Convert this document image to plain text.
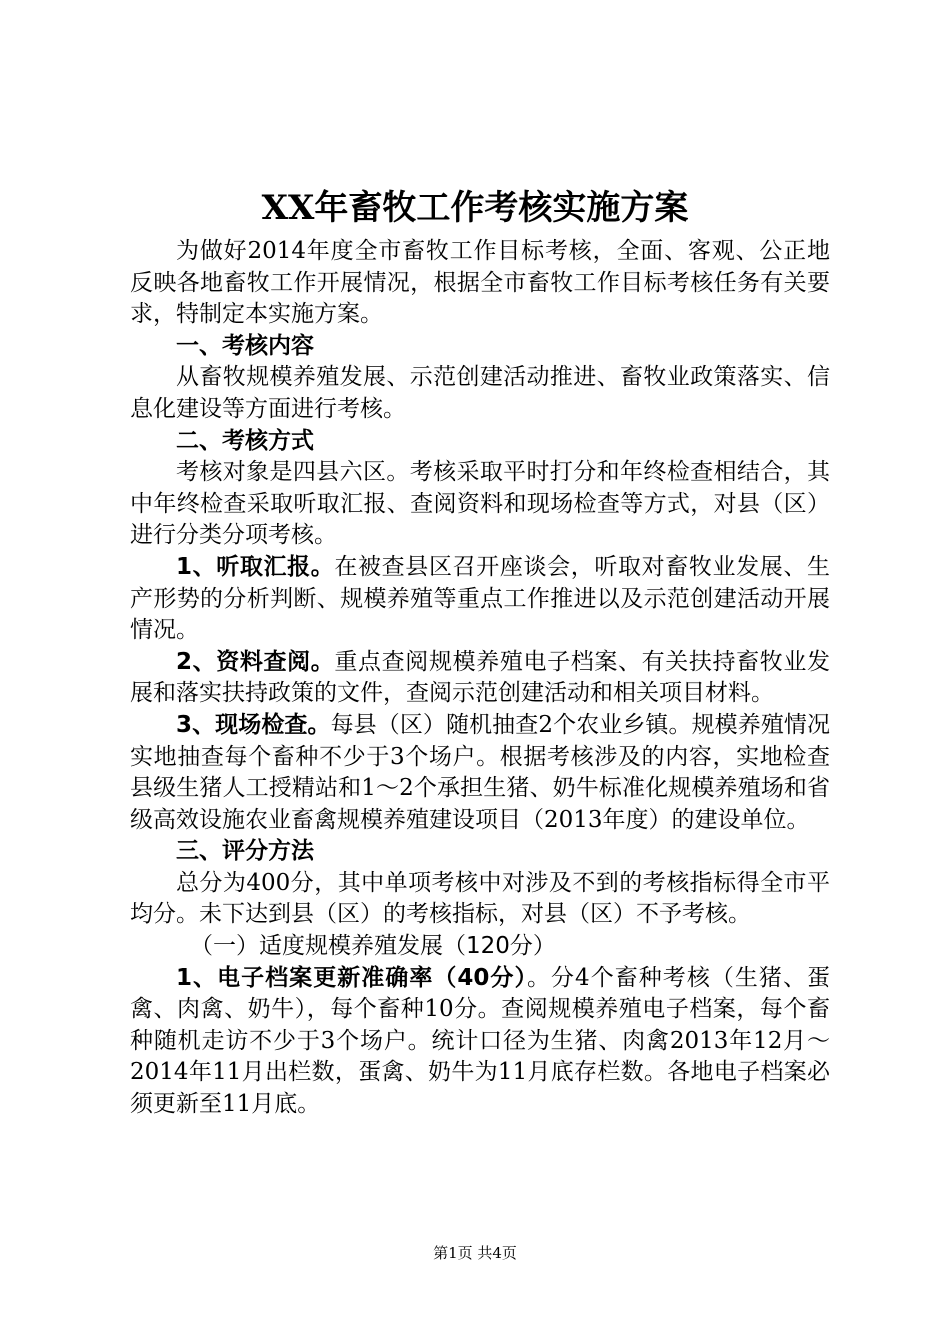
XX年畜牧工作考核实施方案

为做好2014年度全市畜牧工作目标考核，全面、客观、公正地反映各地畜牧工作开展情况，根据全市畜牧工作目标考核任务有关要求，特制定本实施方案。

一、考核内容

从畜牧规模养殖发展、示范创建活动推进、畜牧业政策落实、信息化建设等方面进行考核。

二、考核方式

考核对象是四县六区。考核采取平时打分和年终检查相结合，其中年终检查采取听取汇报、查阅资料和现场检查等方式，对县（区）进行分类分项考核。

1、听取汇报。在被查县区召开座谈会，听取对畜牧业发展、生产形势的分析判断、规模养殖等重点工作推进以及示范创建活动开展情况。

2、资料查阅。重点查阅规模养殖电子档案、有关扶持畜牧业发展和落实扶持政策的文件，查阅示范创建活动和相关项目材料。

3、现场检查。每县（区）随机抽查2个农业乡镇。规模养殖情况实地抽查每个畜种不少于3个场户。根据考核涉及的内容，实地检查县级生猪人工授精站和1～2个承担生猪、奶牛标准化规模养殖场和省级高效设施农业畜禽规模养殖建设项目（2013年度）的建设单位。

三、评分方法

总分为400分，其中单项考核中对涉及不到的考核指标得全市平均分。未下达到县（区）的考核指标，对县（区）不予考核。

（一）适度规模养殖发展（120分）

1、电子档案更新准确率（40分）。分4个畜种考核（生猪、蛋禽、肉禽、奶牛），每个畜种10分。查阅规模养殖电子档案，每个畜种随机走访不少于3个场户。统计口径为生猪、肉禽2013年12月～2014年11月出栏数，蛋禽、奶牛为11月底存栏数。各地电子档案必须更新至11月底。

第1页 共4页
